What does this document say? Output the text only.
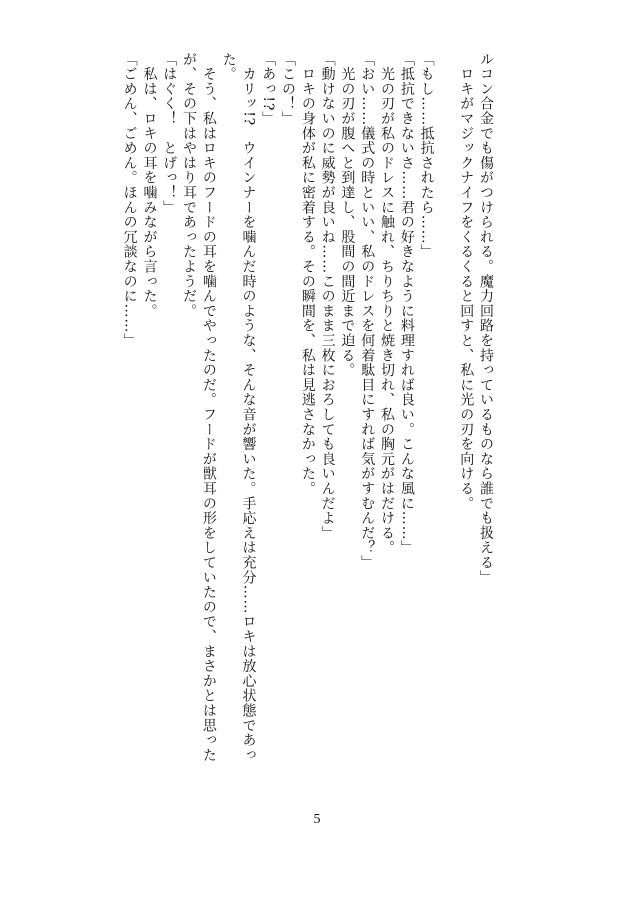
ルコン合金でも傷がつけられる。魔力回路を持っているものなら誰でも扱える」
　ロキがマジックナイフをくるくると回すと、私に光の刃を向ける。
「もし……抵抗されたら……」
「抵抗できないさ……君の好きなように料理すれば良い。こんな風に……」
　光の刃が私のドレスに触れ、ちりちりと焼き切れ、私の胸元がはだける。
「おい……儀式の時といい、私のドレスを何着駄目にすれば気がすむんだ？」
　光の刃が腹へと到達し、股間の間近まで迫る。
「動けないのに威勢が良いね……このまま三枚におろしても良いんだよ」
　ロキの身体が私に密着する。その瞬間を、私は見逃さなかった。
「この！」
「あっ!?」
　カリッ!?　ウインナーを噛んだ時のような、そんな音が響いた。手応えは充分……ロキは放心状態であっ
た。
　そう、私はロキのフードの耳を噛んでやったのだ。フードが獣耳の形をしていたので、まさかとは思った
が、その下はやはり耳であったようだ。
「はぐく！　とげっ！」
　私は、ロキの耳を噛みながら言った。
「ごめん、ごめん。ほんの冗談なのに……」
5
